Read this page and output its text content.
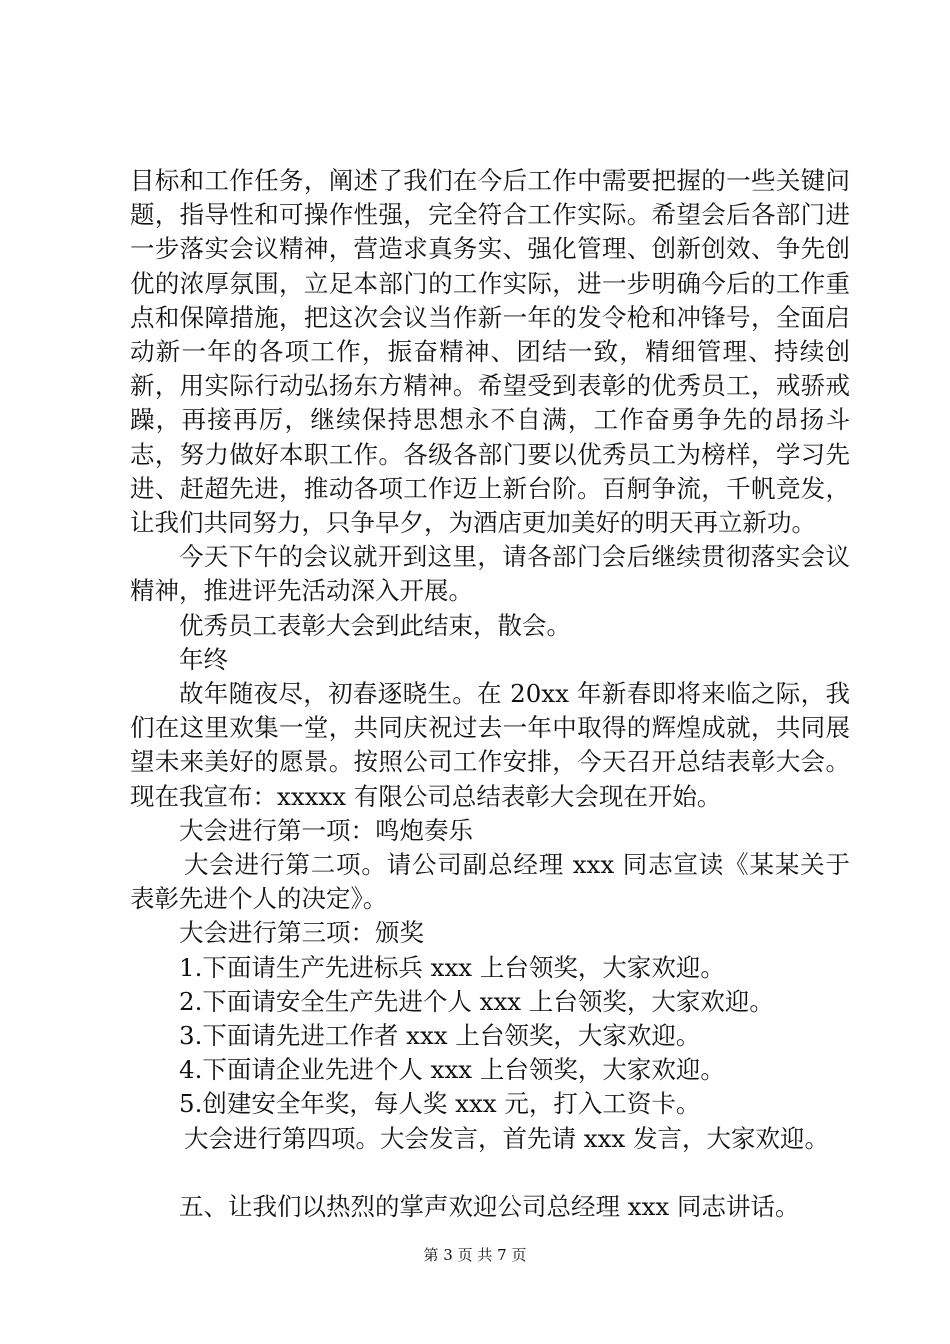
目标和工作任务，阐述了我们在今后工作中需要把握的一些关键问题，指导性和可操作性强，完全符合工作实际。希望会后各部门进一步落实会议精神，营造求真务实、强化管理、创新创效、争先创优的浓厚氛围，立足本部门的工作实际，进一步明确今后的工作重点和保障措施，把这次会议当作新一年的发令枪和冲锋号，全面启动新一年的各项工作，振奋精神、团结一致，精细管理、持续创新，用实际行动弘扬东方精神。希望受到表彰的优秀员工，戒骄戒躁，再接再厉，继续保持思想永不自满，工作奋勇争先的昂扬斗志，努力做好本职工作。各级各部门要以优秀员工为榜样，学习先进、赶超先进，推动各项工作迈上新台阶。百舸争流，千帆竞发，让我们共同努力，只争早夕，为酒店更加美好的明天再立新功。

今天下午的会议就开到这里，请各部门会后继续贯彻落实会议精神，推进评先活动深入开展。

优秀员工表彰大会到此结束，散会。

年终

故年随夜尽，初春逐晓生。在 20xx 年新春即将来临之际，我们在这里欢集一堂，共同庆祝过去一年中取得的辉煌成就，共同展望未来美好的愿景。按照公司工作安排，今天召开总结表彰大会。现在我宣布：xxxxx 有限公司总结表彰大会现在开始。

大会进行第一项：鸣炮奏乐

大会进行第二项。请公司副总经理 xxx 同志宣读《某某关于表彰先进个人的决定》。

大会进行第三项：颁奖

1.下面请生产先进标兵 xxx 上台领奖，大家欢迎。

2.下面请安全生产先进个人 xxx 上台领奖，大家欢迎。

3.下面请先进工作者 xxx 上台领奖，大家欢迎。

4.下面请企业先进个人 xxx 上台领奖，大家欢迎。

5.创建安全年奖，每人奖 xxx 元，打入工资卡。

大会进行第四项。大会发言，首先请 xxx 发言，大家欢迎。

五、让我们以热烈的掌声欢迎公司总经理 xxx 同志讲话。

第 3 页 共 7 页
